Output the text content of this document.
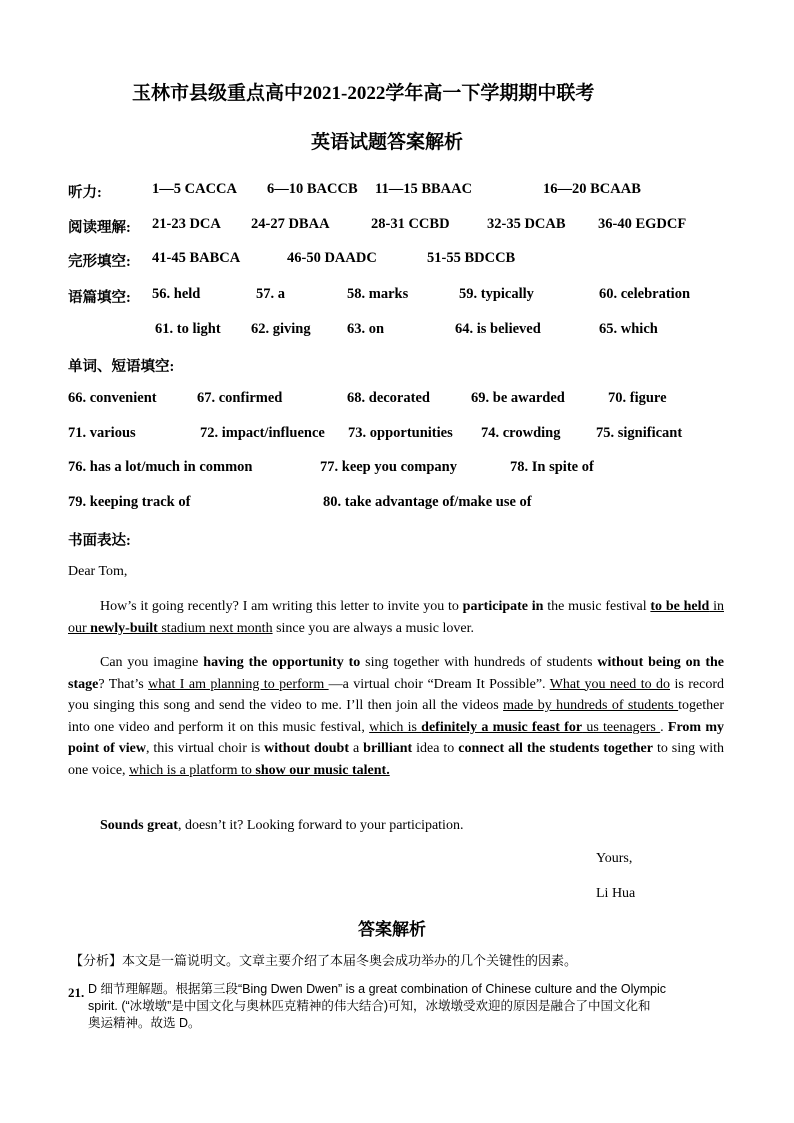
玉林市县级重点高中2021-2022学年高一下学期期中联考
英语试题答案解析
听力:	1—5 CACCA 6—10 BACCB 11—15 BBAAC	16—20 BCAAB
阅读理解: 21-23 DCA 24-27 DBAA	28-31 CCBD	32-35 DCAB 36-40 EGDCF
完形填空: 41-45 BABCA	46-50 DAADC	51-55 BDCCB
语篇填空: 56. held	57. a	58. marks	59. typically	60. celebration
61. to light 62. giving	63. on	64. is believed	65. which
单词、短语填空:
66. convenient	67. confirmed	68. decorated	69. be awarded	70. figure
71. various	72. impact/influence 73. opportunities 74. crowding 75. significant
76. has a lot/much in common	77. keep you company	78. In spite of
79. keeping track of	80. take advantage of/make use of
书面表达:
Dear Tom,
How’s it going recently? I am writing this letter to invite you to participate in the music festival to be held in our newly-built stadium next month since you are always a music lover.
Can you imagine having the opportunity to sing together with hundreds of students without being on the stage? That’s what I am planning to perform —a virtual choir “Dream It Possible”. What you need to do is record you singing this song and send the video to me. I’ll then join all the videos made by hundreds of students together into one video and perform it on this music festival, which is definitely a music feast for us teenagers . From my point of view, this virtual choir is without doubt a brilliant idea to connect all the students together to sing with one voice, which is a platform to show our music talent.
Sounds great, doesn’t it? Looking forward to your participation.
Yours,
Li Hua
答案解析
【分析】本文是一篇说明文。文章主要介绍了本届冬奥会成功举办的几个关键性的因素。
21. D 细节理解题。根据第三段“Bing Dwen Dwen” is a great combination of Chinese culture and the Olympic
spirit. (“冰墩墩”是中国文化与奥林匹克精神的伟大结合)可知，冰墩墩受欢迎的原因是融合了中国文化和
奥运精神。故选 D。
